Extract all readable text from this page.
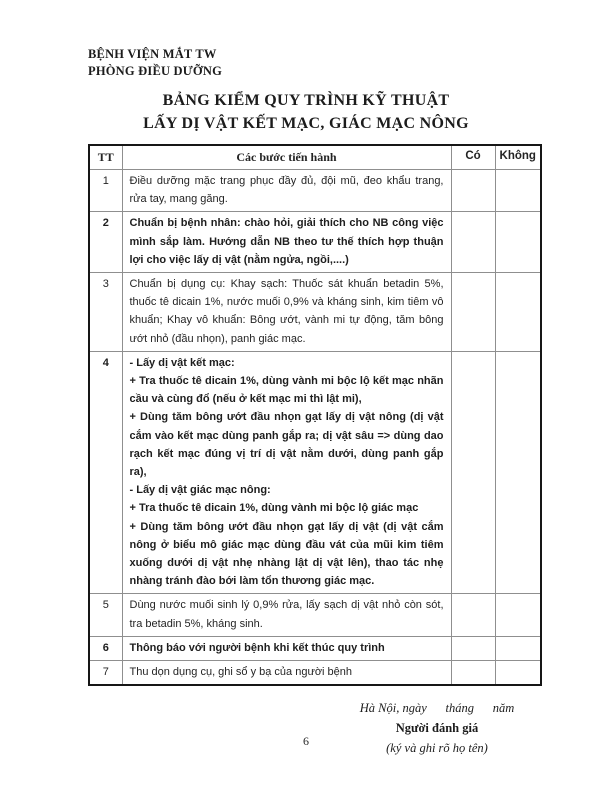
BỆNH VIỆN MẮT TW
PHÒNG ĐIỀU DƯỠNG
BẢNG KIỂM QUY TRÌNH KỸ THUẬT
LẤY DỊ VẬT KẾT MẠC, GIÁC MẠC NÔNG
TT	Các bước tiến hành	Có	Không
1	Điều dưỡng mặc trang phục đầy đủ, đội mũ, đeo khẩu trang, rửa tay, mang găng.		

2	Chuẩn bị bệnh nhân: chào hỏi, giải thích cho NB công việc mình sắp làm. Hướng dẫn NB theo tư thế thích hợp thuận lợi cho việc lấy dị vật (nằm ngửa, ngồi,....)		

3	Chuẩn bị dụng cụ: Khay sạch: Thuốc sát khuẩn betadin 5%, thuốc tê dicain 1%, nước muối 0,9% và kháng sinh, kim tiêm vô khuẩn; Khay vô khuẩn: Bông ướt, vành mi tự động, tăm bông ướt nhỏ (đầu nhọn), panh giác mạc.		

4	- Lấy dị vật kết mạc:
+ Tra thuốc tê dicain 1%, dùng vành mi bộc lộ kết mạc nhãn cầu và cùng đổ (nếu ở kết mạc mi thì lật mi),
+ Dùng tăm bông ướt đầu nhọn gạt lấy dị vật nông (dị vật cắm vào kết mạc dùng panh gắp ra; dị vật sâu => dùng dao rạch kết mạc đúng vị trí dị vật nằm dưới, dùng panh gắp ra),
- Lấy dị vật giác mạc nông:
+ Tra thuốc tê dicain 1%, dùng vành mi bộc lộ giác mạc
+ Dùng tăm bông ướt đầu nhọn gạt lấy dị vật (dị vật cắm nông ở biểu mô giác mạc dùng đầu vát của mũi kim tiêm xuống dưới dị vật nhẹ nhàng lật dị vật lên), thao tác nhẹ nhàng tránh đào bới làm tổn thương giác mạc.

5	Dùng nước muối sinh lý 0,9% rửa, lấy sạch dị vật nhỏ còn sót, tra betadin 5%, kháng sinh.		

6	Thông báo với người bệnh khi kết thúc quy trình		

7	Thu dọn dụng cụ, ghi sổ y bạ của người bệnh		

Hà Nội, ngày      tháng      năm
Người đánh giá
(ký và ghi rõ họ tên)
6
